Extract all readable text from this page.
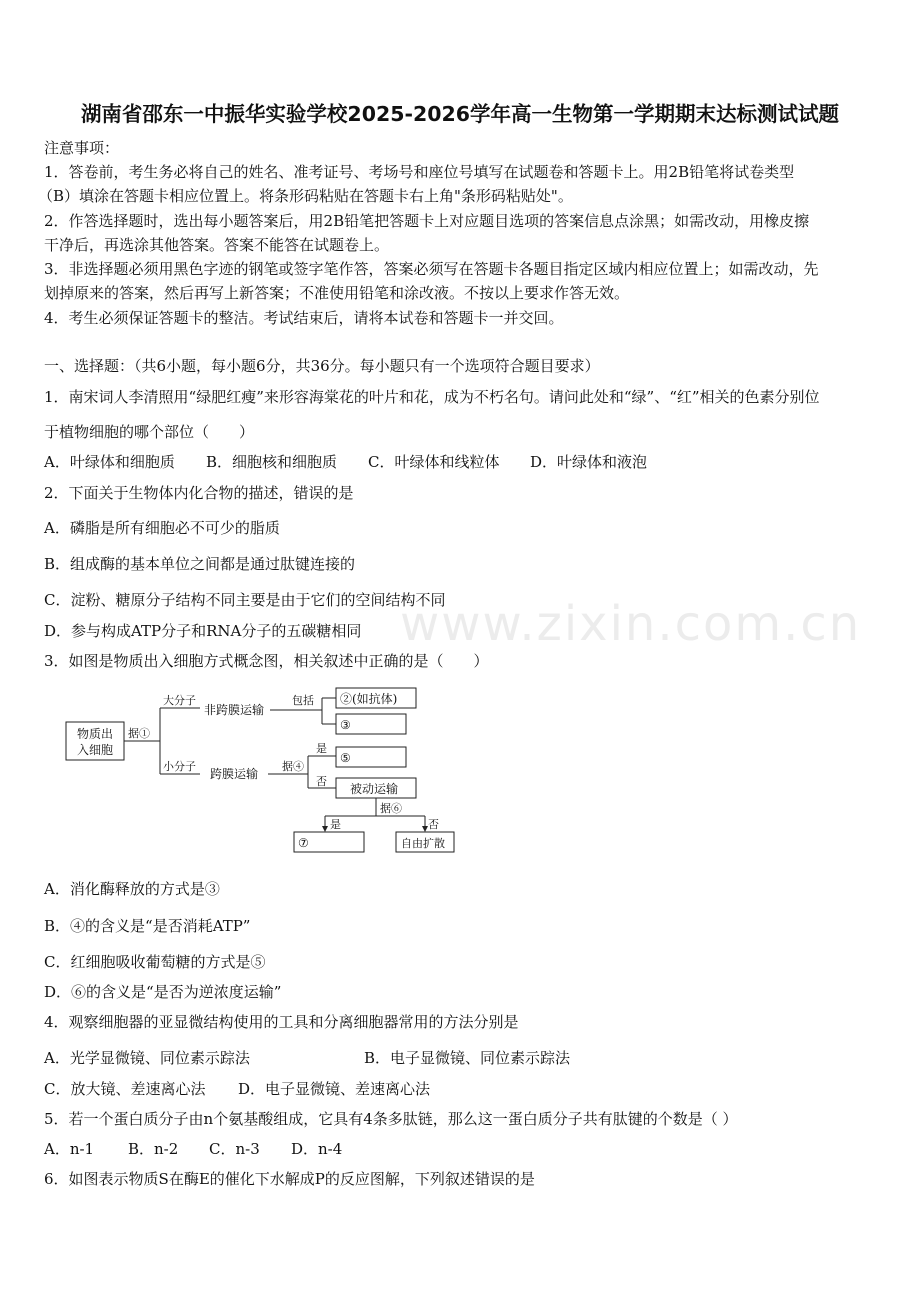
湖南省邵东一中振华实验学校2025-2026学年高一生物第一学期期末达标测试试题
注意事项：
1．答卷前，考生务必将自己的姓名、准考证号、考场号和座位号填写在试题卷和答题卡上。用2B铅笔将试卷类型
（B）填涂在答题卡相应位置上。将条形码粘贴在答题卡右上角"条形码粘贴处"。
2．作答选择题时，选出每小题答案后，用2B铅笔把答题卡上对应题目选项的答案信息点涂黑；如需改动，用橡皮擦
干净后，再选涂其他答案。答案不能答在试题卷上。
3．非选择题必须用黑色字迹的钢笔或签字笔作答，答案必须写在答题卡各题目指定区域内相应位置上；如需改动，先
划掉原来的答案，然后再写上新答案；不准使用铅笔和涂改液。不按以上要求作答无效。
4．考生必须保证答题卡的整洁。考试结束后，请将本试卷和答题卡一并交回。
一、选择题：（共6小题，每小题6分，共36分。每小题只有一个选项符合题目要求）
1．南宋词人李清照用“绿肥红瘦”来形容海棠花的叶片和花，成为不朽名句。请问此处和“绿”、“红”相关的色素分别位
于植物细胞的哪个部位（　　）
A．叶绿体和细胞质 B．细胞核和细胞质 C．叶绿体和线粒体 D．叶绿体和液泡
2．下面关于生物体内化合物的描述，错误的是
A．磷脂是所有细胞必不可少的脂质
B．组成酶的基本单位之间都是通过肽键连接的
C．淀粉、糖原分子结构不同主要是由于它们的空间结构不同
D．参与构成ATP分子和RNA分子的五碳糖相同 www.zixin.com.cn
3．如图是物质出入细胞方式概念图，相关叙述中正确的是（　　）
物质出
入细胞
据①
大分子
小分子
非跨膜运输
跨膜运输
包括 ②(如抗体)
③
据④
是
否
⑤
被动运输
据⑥
是	否
⑦	自由扩散
A．消化酶释放的方式是③
B．④的含义是“是否消耗ATP”
C．红细胞吸收葡萄糖的方式是⑤
D．⑥的含义是“是否为逆浓度运输”
4．观察细胞器的亚显微结构使用的工具和分离细胞器常用的方法分别是
A．光学显微镜、同位素示踪法	B．电子显微镜、同位素示踪法
C．放大镜、差速离心法 D．电子显微镜、差速离心法
5．若一个蛋白质分子由n个氨基酸组成，它具有4条多肽链，那么这一蛋白质分子共有肽键的个数是（ ）
A．n-1 B．n-2 C．n-3 D．n-4
6．如图表示物质S在酶E的催化下水解成P的反应图解，下列叙述错误的是
